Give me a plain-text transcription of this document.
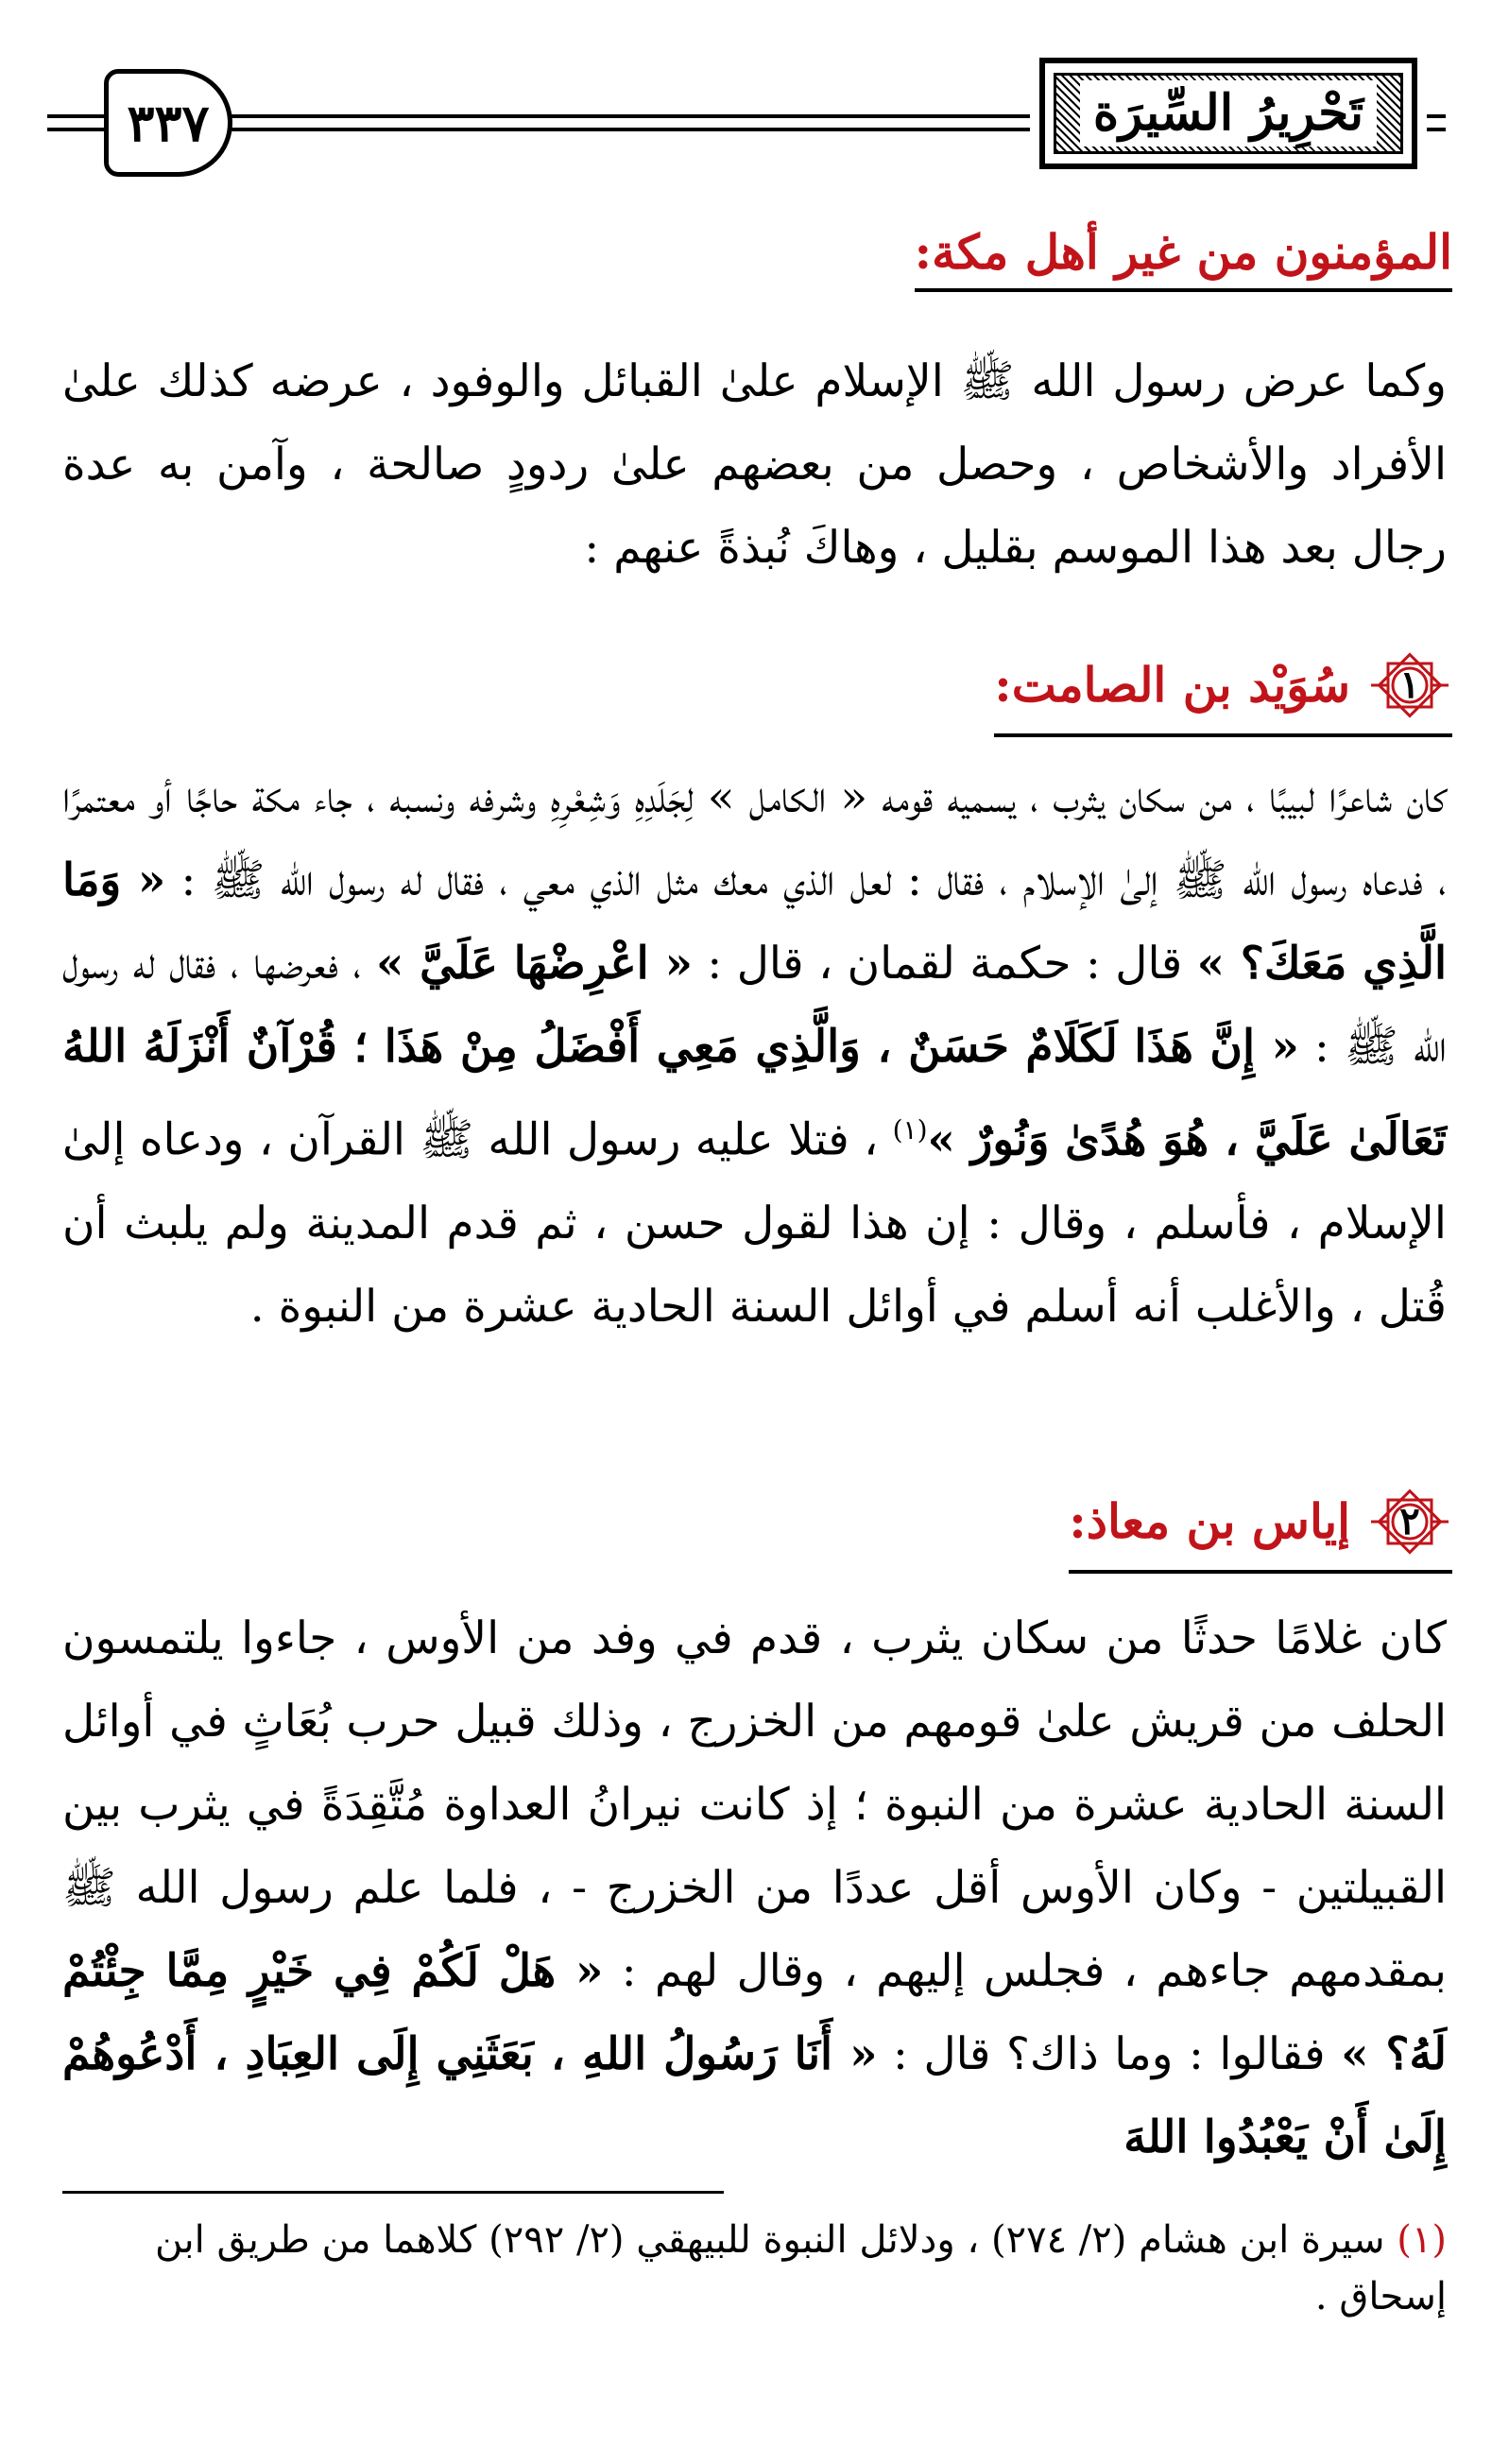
٣٣٧	تَحْرِيرُ السِّيرَة
المؤمنون من غير أهل مكة:
وكما عرض رسول الله ﷺ الإسلام علىٰ القبائل والوفود ، عرضه كذلك علىٰ الأفراد والأشخاص ، وحصل من بعضهم علىٰ ردودٍ صالحة ، وآمن به عدة رجال بعد هذا الموسم بقليل ، وهاكَ نُبذةً عنهم :
١
سُوَيْد بن الصامت:
كان شاعرًا لبيبًا ، من سكان يثرب ، يسميه قومه « الكامل » لِجَلَدِهِ وَشِعْرِهِ وشرفه ونسبه ، جاء مكة حاجًا أو معتمرًا ، فدعاه رسول الله ﷺ إلىٰ الإسلام ، فقال : لعل الذي معك مثل الذي معي ، فقال له رسول الله ﷺ : « وَمَا الَّذِي مَعَكَ؟ » قال : حكمة لقمان ، قال : « اعْرِضْهَا عَلَيَّ » ، فعرضها ، فقال له رسول الله ﷺ : « إِنَّ هَذَا لَكَلَامٌ حَسَنٌ ، وَالَّذِي مَعِي أَفْضَلُ مِنْ هَذَا ؛ قُرْآنٌ أَنْزَلَهُ اللهُ تَعَالَىٰ عَلَيَّ ، هُوَ هُدًىٰ وَنُورٌ »$^{(١)}$ ، فتلا عليه رسول الله ﷺ القرآن ، ودعاه إلىٰ الإسلام ، فأسلم ، وقال : إن هذا لقول حسن ، ثم قدم المدينة ولم يلبث أن قُتل ، والأغلب أنه أسلم في أوائل السنة الحادية عشرة من النبوة .
٢
إياس بن معاذ:
كان غلامًا حدثًا من سكان يثرب ، قدم في وفد من الأوس ، جاءوا يلتمسون الحلف من قريش علىٰ قومهم من الخزرج ، وذلك قبيل حرب بُعَاثٍ في أوائل السنة الحادية عشرة من النبوة ؛ إذ كانت نيرانُ العداوة مُتَّقِدَةً في يثرب بين القبيلتين - وكان الأوس أقل عددًا من الخزرج - ، فلما علم رسول الله ﷺ بمقدمهم جاءهم ، فجلس إليهم ، وقال لهم : « هَلْ لَكُمْ فِي خَيْرٍ مِمَّا جِئْتُمْ لَهُ؟ » فقالوا : وما ذاك؟ قال : « أَنَا رَسُولُ اللهِ ، بَعَثَنِي إِلَى العِبَادِ ، أَدْعُوهُمْ إِلَىٰ أَنْ يَعْبُدُوا اللهَ
(١) سيرة ابن هشام (٢/ ٢٧٤) ، ودلائل النبوة للبيهقي (٢/ ٢٩٢) كلاهما من طريق ابن إسحاق .
